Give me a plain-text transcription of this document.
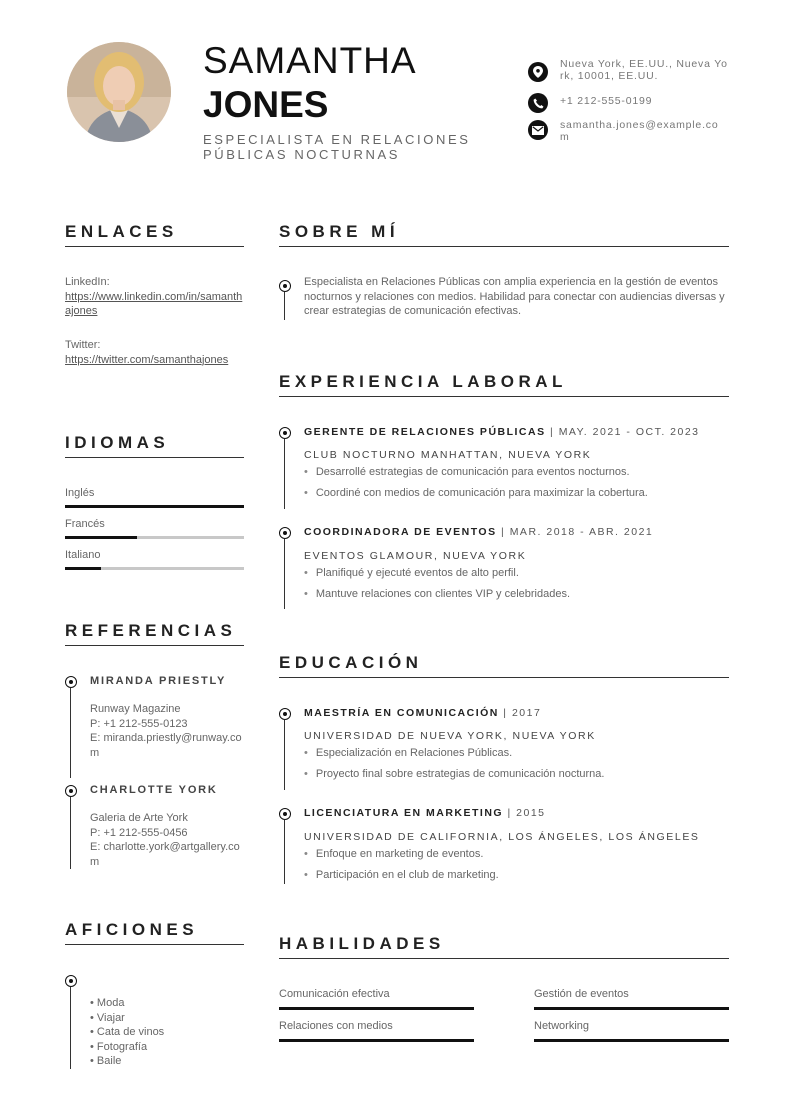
SAMANTHA
JONES
ESPECIALISTA EN RELACIONES PÚBLICAS NOCTURNAS
Nueva York, EE.UU., Nueva York, 10001, EE.UU.
+1 212-555-0199
samantha.jones@example.com
ENLACES
LinkedIn:
https://www.linkedin.com/in/samanthajones
Twitter:
https://twitter.com/samanthajones
IDIOMAS
Inglés
Francés
Italiano
REFERENCIAS
MIRANDA PRIESTLY
Runway Magazine
P: +1 212-555-0123
E: miranda.priestly@runway.com
CHARLOTTE YORK
Galeria de Arte York
P: +1 212-555-0456
E: charlotte.york@artgallery.com
AFICIONES
• Moda
• Viajar
• Cata de vinos
• Fotografía
• Baile
SOBRE MÍ
Especialista en Relaciones Públicas con amplia experiencia en la gestión de eventos nocturnos y relaciones con medios. Habilidad para conectar con audiencias diversas y crear estrategias de comunicación efectivas.
EXPERIENCIA LABORAL
GERENTE DE RELACIONES PÚBLICAS | MAY. 2021 - OCT. 2023
CLUB NOCTURNO MANHATTAN, NUEVA YORK
• Desarrollé estrategias de comunicación para eventos nocturnos.
• Coordiné con medios de comunicación para maximizar la cobertura.
COORDINADORA DE EVENTOS | MAR. 2018 - ABR. 2021
EVENTOS GLAMOUR, NUEVA YORK
• Planifiqué y ejecuté eventos de alto perfil.
• Mantuve relaciones con clientes VIP y celebridades.
EDUCACIÓN
MAESTRÍA EN COMUNICACIÓN | 2017
UNIVERSIDAD DE NUEVA YORK, NUEVA YORK
• Especialización en Relaciones Públicas.
• Proyecto final sobre estrategias de comunicación nocturna.
LICENCIATURA EN MARKETING | 2015
UNIVERSIDAD DE CALIFORNIA, LOS ÁNGELES, LOS ÁNGELES
• Enfoque en marketing de eventos.
• Participación en el club de marketing.
HABILIDADES
Comunicación efectiva	Gestión de eventos
Relaciones con medios	Networking
